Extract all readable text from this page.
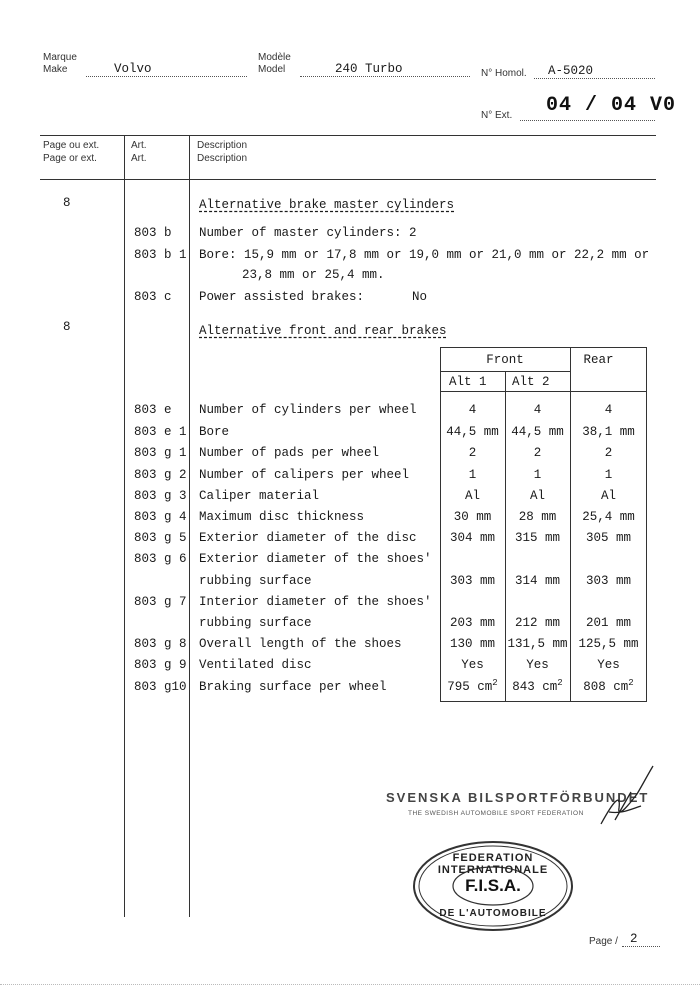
Marque
Make	Volvo
Modèle
Model	240 Turbo	N° Homol. A-5020
N° Ext. 04 / 04 V0
Page ou ext.
Page or ext.
Art.
Art.
Description
Description
8	Alternative brake master cylinders
803 b Number of master cylinders: 2
803 b 1 Bore: 15,9 mm or 17,8 mm or 19,0 mm or 21,0 mm or 22,2 mm or
23,8 mm or 25,4 mm.
803 c Power assisted brakes:	No
8	Alternative front and rear brakes
Front	Rear
Alt 1 Alt 2
803 e Number of cylinders per wheel	4	4	4
803 e 1 Bore	44,5 mm 44,5 mm	38,1 mm
803 g 1 Number of pads per wheel	2	2	2
803 g 2 Number of calipers per wheel	1	1	1
803 g 3 Caliper material	Al	Al	Al
803 g 4 Maximum disc thickness	30 mm	28 mm	25,4 mm
803 g 5 Exterior diameter of the disc	304 mm	315 mm	305 mm
803 g 6 Exterior diameter of the shoes'
rubbing surface	303 mm	314 mm	303 mm
803 g 7 Interior diameter of the shoes'
rubbing surface	203 mm	212 mm	201 mm
803 g 8 Overall length of the shoes	130 mm 131,5 mm 125,5 mm
803 g 9 Ventilated disc	Yes	Yes	Yes
803 g10 Braking surface per wheel	795 $cm^2$	843 $cm^2$	808 $cm^2$
SVENSKA BILSPORTFÖRBUNDET
THE SWEDISH AUTOMOBILE SPORT FEDERATION
FEDERATION INTERNATIONALE
F.I.S.A.
DE L'AUTOMOBILE
Page / 2
